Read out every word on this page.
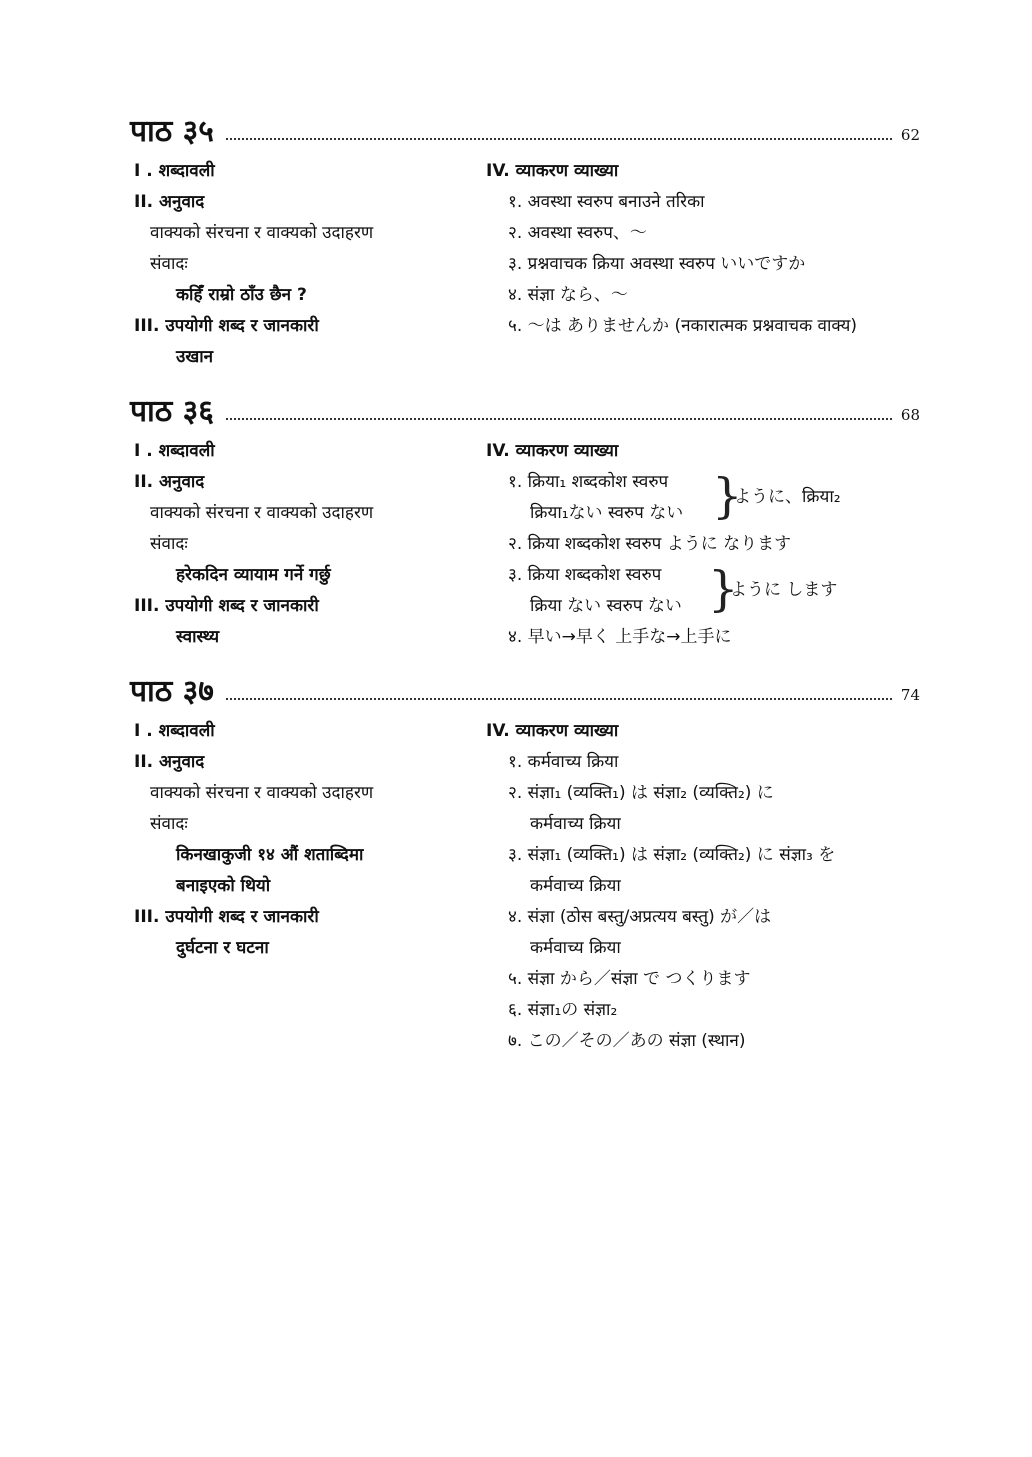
पाठ ३५	62
I . शब्दावली
II. अनुवाद
वाक्यको संरचना र वाक्यको उदाहरण
संवादः
कहिँ राम्रो ठाँउ छैन ?
III. उपयोगी शब्द र जानकारी
उखान
IV. व्याकरण व्याख्या
१. अवस्था स्वरुप बनाउने तरिका
२. अवस्था स्वरुप、～
३. प्रश्नवाचक क्रिया अवस्था स्वरुप いいですか
४. संज्ञा なら、～
५. ～は ありませんか (नकारात्मक प्रश्नवाचक वाक्य)
पाठ ३६	68
I . शब्दावली
II. अनुवाद
वाक्यको संरचना र वाक्यको उदाहरण
संवादः
हरेकदिन व्यायाम गर्ने गर्छु
III. उपयोगी शब्द र जानकारी
स्वास्थ्य
IV. व्याकरण व्याख्या
१. क्रिया₁ शब्दकोश स्वरुप
क्रिया₁ない स्वरुप ない }
ように、क्रिया₂
२. क्रिया शब्दकोश स्वरुप ように なります
३. क्रिया शब्दकोश स्वरुप
क्रिया ない स्वरुप ない }
ように します
४. 早い→早く 上手な→上手に
पाठ ३७	74
I . शब्दावली
II. अनुवाद
वाक्यको संरचना र वाक्यको उदाहरण
संवादः
किनखाकुजी १४ औं शताब्दिमा
बनाइएको थियो
III. उपयोगी शब्द र जानकारी
दुर्घटना र घटना
IV. व्याकरण व्याख्या
१. कर्मवाच्य क्रिया
२. संज्ञा₁ (व्यक्ति₁) は संज्ञा₂ (व्यक्ति₂) に
कर्मवाच्य क्रिया
३. संज्ञा₁ (व्यक्ति₁) は संज्ञा₂ (व्यक्ति₂) に संज्ञा₃ を
कर्मवाच्य क्रिया
४. संज्ञा (ठोस बस्तु/अप्रत्यय बस्तु) が／は
कर्मवाच्य क्रिया
५. संज्ञा から／संज्ञा で つくります
६. संज्ञा₁の संज्ञा₂
७. この／その／あの संज्ञा (स्थान)
